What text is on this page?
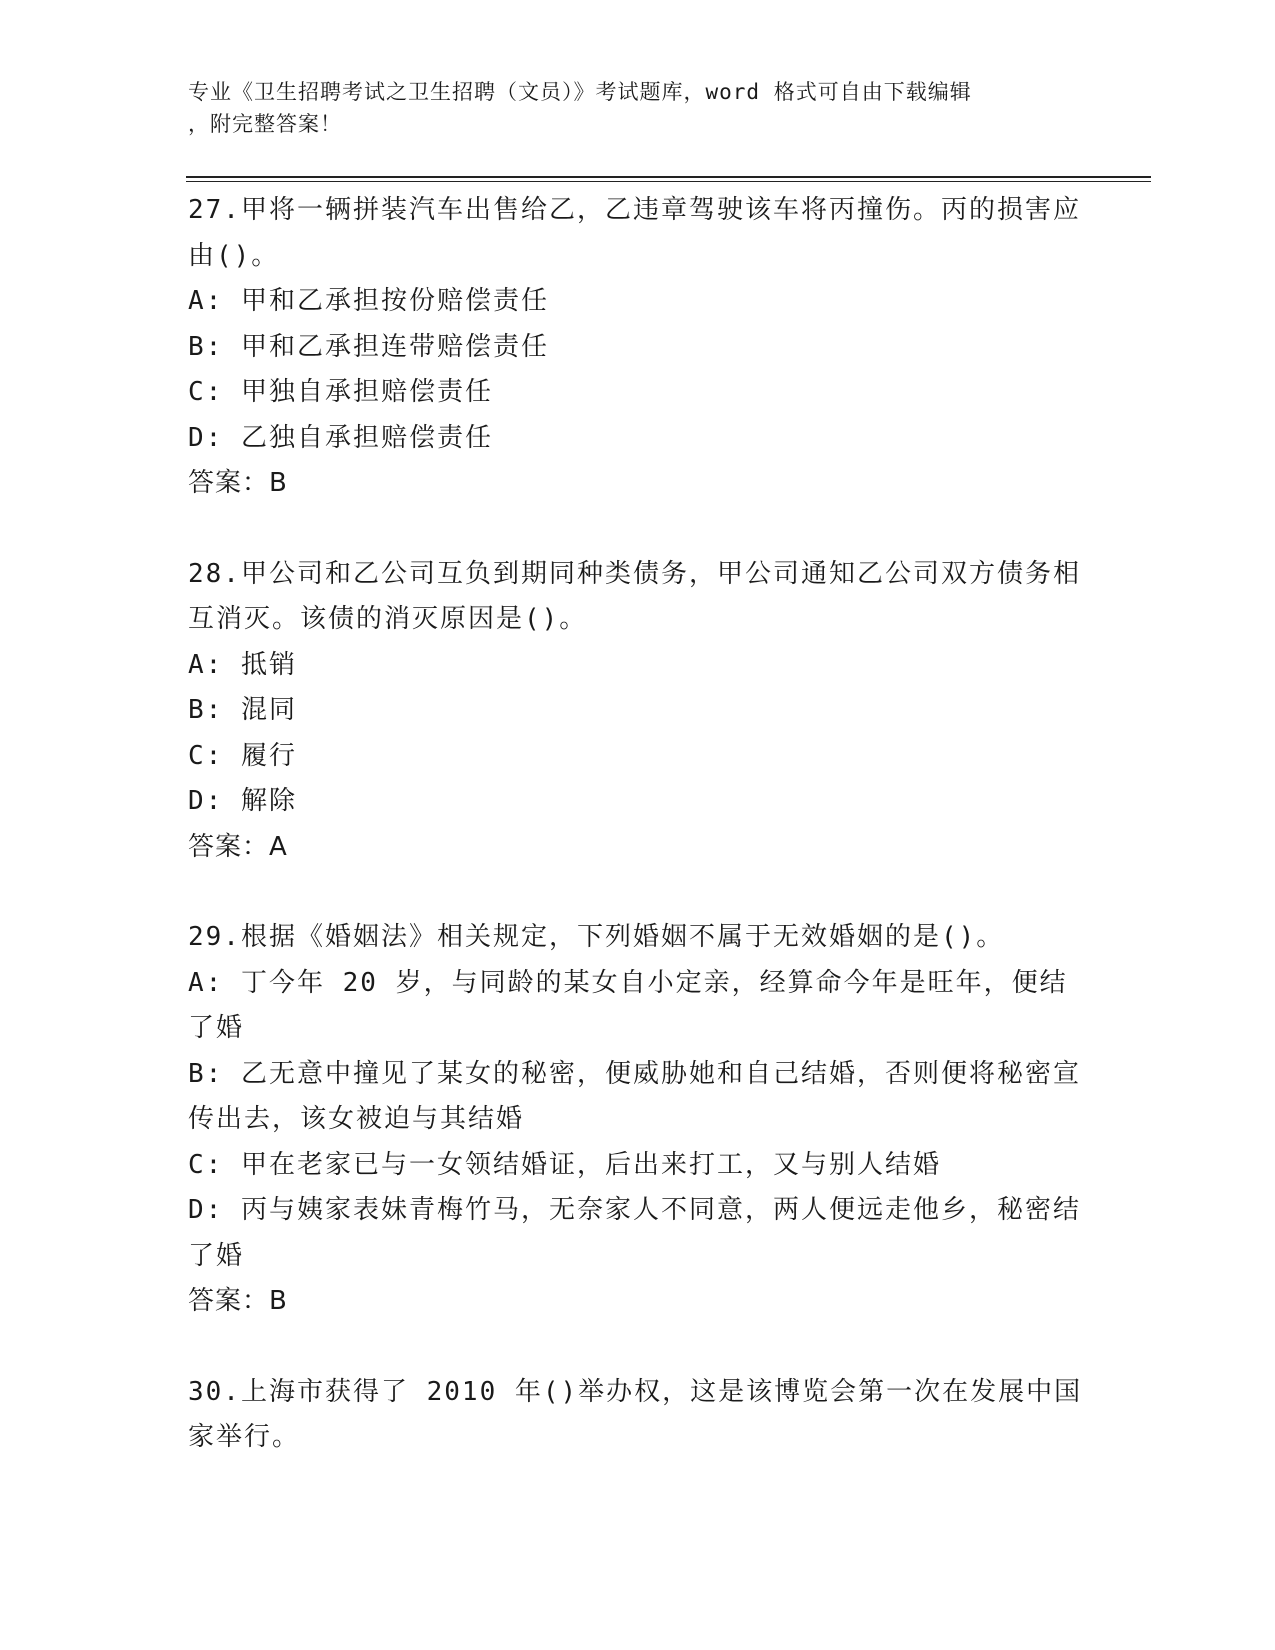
专业《卫生招聘考试之卫生招聘（文员）》考试题库，word 格式可自由下载编辑
，附完整答案！
27.甲将一辆拼装汽车出售给乙，乙违章驾驶该车将丙撞伤。丙的损害应由()。
A: 甲和乙承担按份赔偿责任
B: 甲和乙承担连带赔偿责任
C: 甲独自承担赔偿责任
D: 乙独自承担赔偿责任
答案：B
28.甲公司和乙公司互负到期同种类债务，甲公司通知乙公司双方债务相互消灭。该债的消灭原因是()。
A: 抵销
B: 混同
C: 履行
D: 解除
答案：A
29.根据《婚姻法》相关规定，下列婚姻不属于无效婚姻的是()。
A: 丁今年 20 岁，与同龄的某女自小定亲，经算命今年是旺年，便结了婚
B: 乙无意中撞见了某女的秘密，便威胁她和自己结婚，否则便将秘密宣传出去，该女被迫与其结婚
C: 甲在老家已与一女领结婚证，后出来打工，又与别人结婚
D: 丙与姨家表妹青梅竹马，无奈家人不同意，两人便远走他乡，秘密结了婚
答案：B
30.上海市获得了 2010 年()举办权，这是该博览会第一次在发展中国家举行。
